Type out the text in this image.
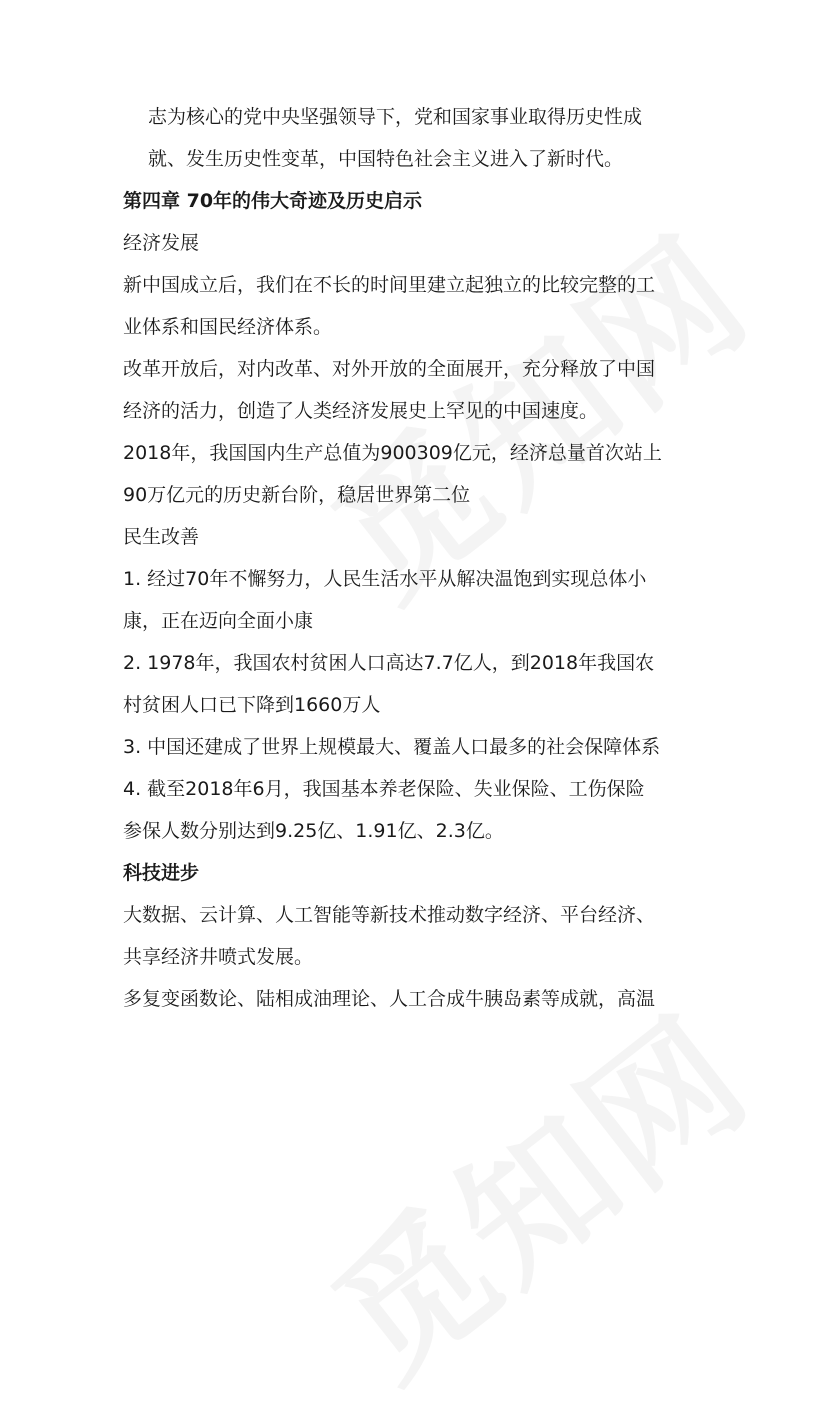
志为核心的党中央坚强领导下，党和国家事业取得历史性成
就、发生历史性变革，中国特色社会主义进入了新时代。
第四章 70年的伟大奇迹及历史启示
经济发展
新中国成立后，我们在不长的时间里建立起独立的比较完整的工
业体系和国民经济体系。
改革开放后，对内改革、对外开放的全面展开，充分释放了中国
经济的活力，创造了人类经济发展史上罕见的中国速度。
2018年，我国国内生产总值为900309亿元，经济总量首次站上
90万亿元的历史新台阶，稳居世界第二位
民生改善
1. 经过70年不懈努力，人民生活水平从解决温饱到实现总体小
康，正在迈向全面小康
2. 1978年，我国农村贫困人口高达7.7亿人，到2018年我国农
村贫困人口已下降到1660万人
3. 中国还建成了世界上规模最大、覆盖人口最多的社会保障体系
4. 截至2018年6月，我国基本养老保险、失业保险、工伤保险
参保人数分别达到9.25亿、1.91亿、2.3亿。
科技进步
大数据、云计算、人工智能等新技术推动数字经济、平台经济、
共享经济井喷式发展。
多复变函数论、陆相成油理论、人工合成牛胰岛素等成就，高温
